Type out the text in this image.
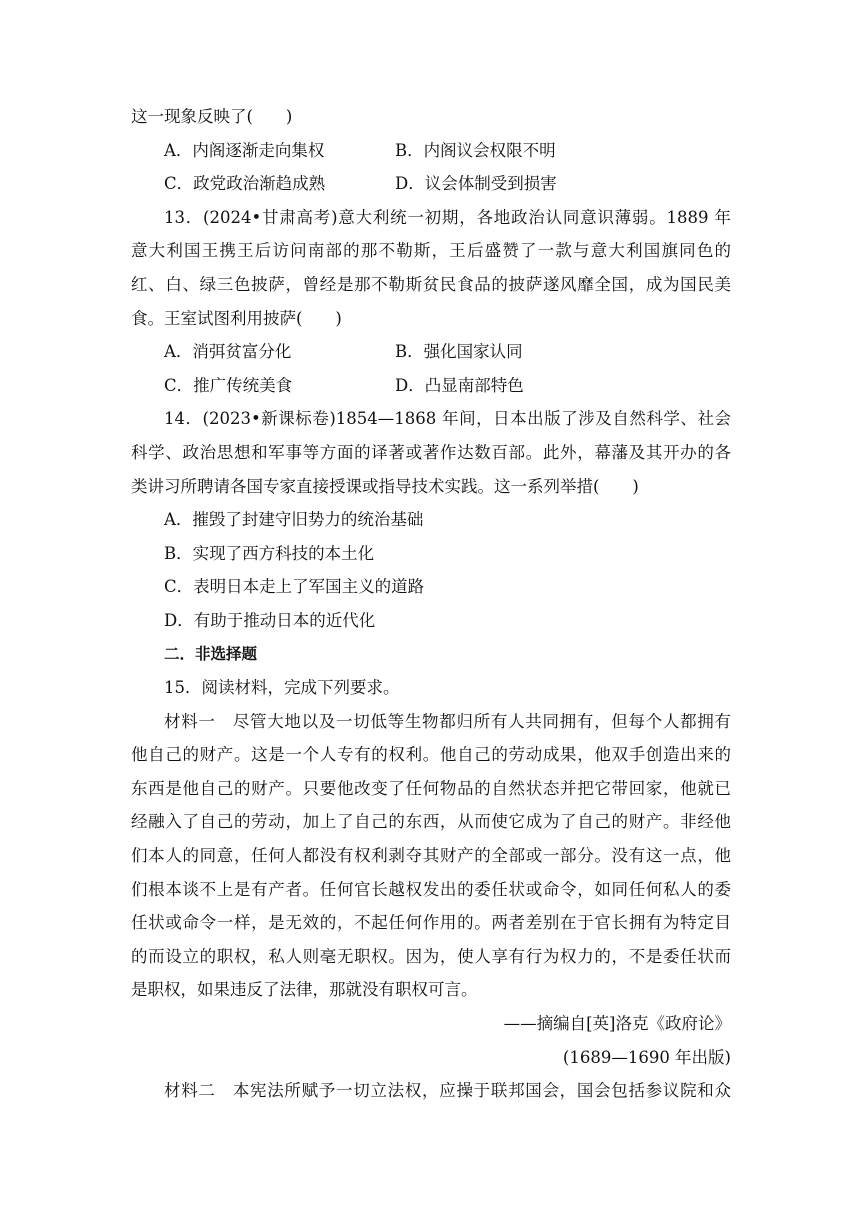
这一现象反映了(　　)
A．内阁逐渐走向集权	B．内阁议会权限不明
C．政党政治渐趋成熟	D．议会体制受到损害
13．(2024•甘肃高考)意大利统一初期，各地政治认同意识薄弱。1889 年
意大利国王携王后访问南部的那不勒斯，王后盛赞了一款与意大利国旗同色的
红、白、绿三色披萨，曾经是那不勒斯贫民食品的披萨遂风靡全国，成为国民美
食。王室试图利用披萨(　　)
A．消弭贫富分化	B．强化国家认同
C．推广传统美食	D．凸显南部特色
14．(2023•新课标卷)1854—1868 年间，日本出版了涉及自然科学、社会
科学、政治思想和军事等方面的译著或著作达数百部。此外，幕藩及其开办的各
类讲习所聘请各国专家直接授课或指导技术实践。这一系列举措(　　)
A．摧毁了封建守旧势力的统治基础
B．实现了西方科技的本土化
C．表明日本走上了军国主义的道路
D．有助于推动日本的近代化
二．非选择题
15．阅读材料，完成下列要求。
材料一　尽管大地以及一切低等生物都归所有人共同拥有，但每个人都拥有
他自己的财产。这是一个人专有的权利。他自己的劳动成果，他双手创造出来的
东西是他自己的财产。只要他改变了任何物品的自然状态并把它带回家，他就已
经融入了自己的劳动，加上了自己的东西，从而使它成为了自己的财产。非经他
们本人的同意，任何人都没有权利剥夺其财产的全部或一部分。没有这一点，他
们根本谈不上是有产者。任何官长越权发出的委任状或命令，如同任何私人的委
任状或命令一样，是无效的，不起任何作用的。两者差别在于官长拥有为特定目
的而设立的职权，私人则毫无职权。因为，使人享有行为权力的，不是委任状而
是职权，如果违反了法律，那就没有职权可言。
——摘编自[英]洛克《政府论》
(1689—1690 年出版)
材料二　本宪法所赋予一切立法权，应操于联邦国会，国会包括参议院和众
